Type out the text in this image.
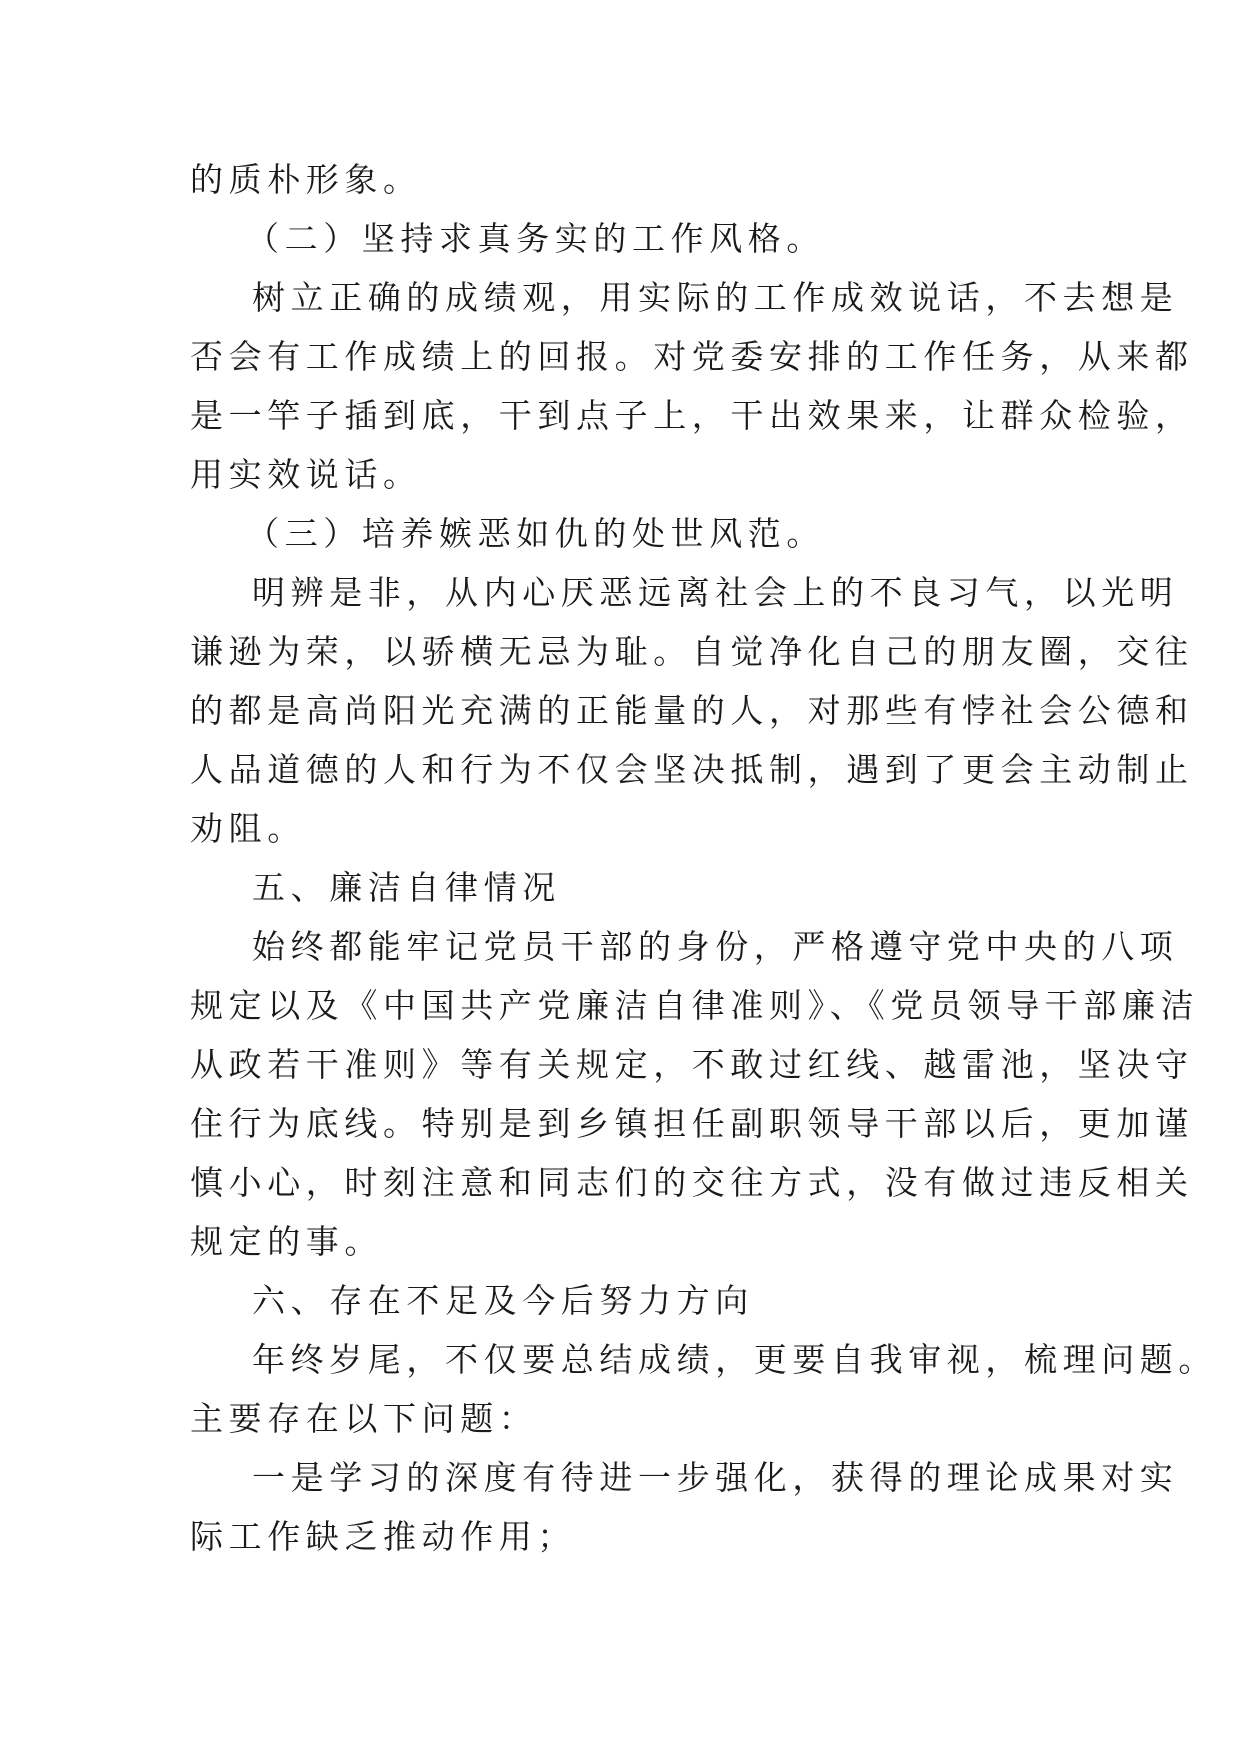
的质朴形象。
（二）坚持求真务实的工作风格。
树立正确的成绩观，用实际的工作成效说话，不去想是
否会有工作成绩上的回报。对党委安排的工作任务，从来都
是一竿子插到底，干到点子上，干出效果来，让群众检验，
用实效说话。
（三）培养嫉恶如仇的处世风范。
明辨是非，从内心厌恶远离社会上的不良习气，以光明
谦逊为荣，以骄横无忌为耻。自觉净化自己的朋友圈，交往
的都是高尚阳光充满的正能量的人，对那些有悖社会公德和
人品道德的人和行为不仅会坚决抵制，遇到了更会主动制止
劝阻。
五、廉洁自律情况
始终都能牢记党员干部的身份，严格遵守党中央的八项
规定以及《中国共产党廉洁自律准则》、《党员领导干部廉洁
从政若干准则》等有关规定，不敢过红线、越雷池，坚决守
住行为底线。特别是到乡镇担任副职领导干部以后，更加谨
慎小心，时刻注意和同志们的交往方式，没有做过违反相关
规定的事。
六、存在不足及今后努力方向
年终岁尾，不仅要总结成绩，更要自我审视，梳理问题。
主要存在以下问题：
一是学习的深度有待进一步强化，获得的理论成果对实
际工作缺乏推动作用；
